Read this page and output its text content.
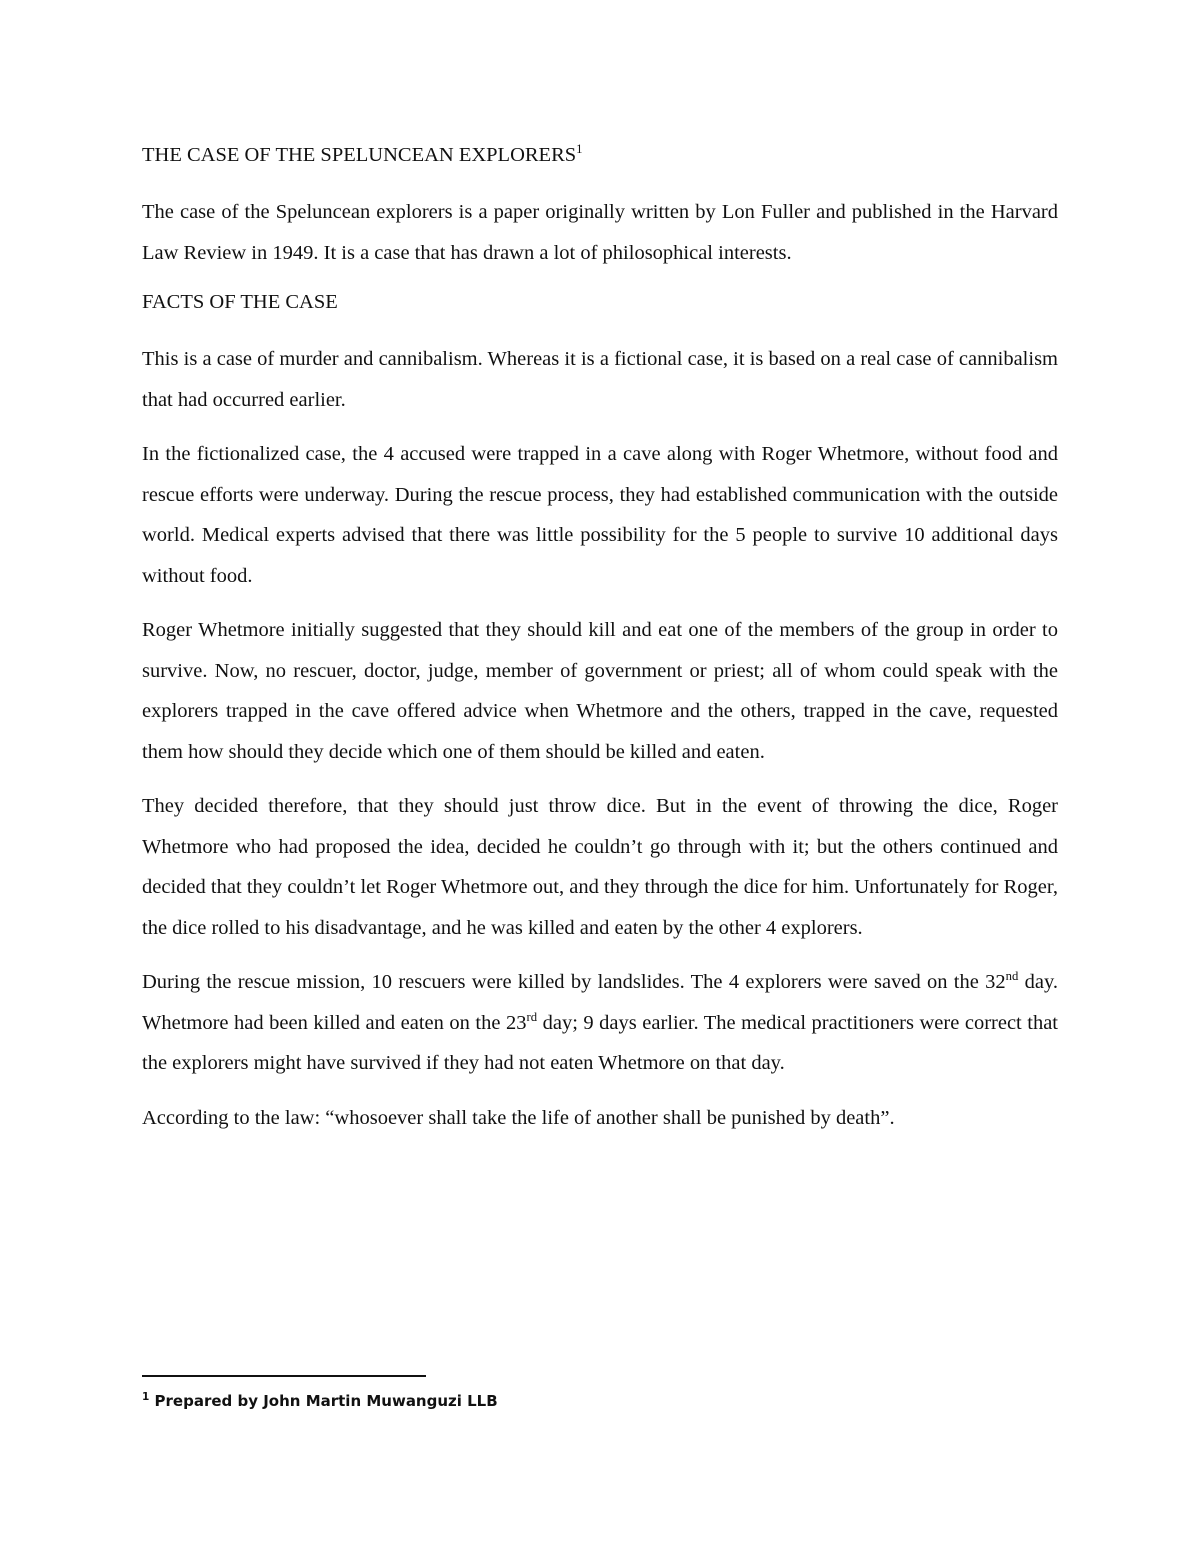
THE CASE OF THE SPELUNCEAN EXPLORERS$^1$

The case of the Speluncean explorers is a paper originally written by Lon Fuller and published in the Harvard Law Review in 1949. It is a case that has drawn a lot of philosophical interests.

FACTS OF THE CASE

This is a case of murder and cannibalism. Whereas it is a fictional case, it is based on a real case of cannibalism that had occurred earlier.

In the fictionalized case, the 4 accused were trapped in a cave along with Roger Whetmore, without food and rescue efforts were underway. During the rescue process, they had established communication with the outside world. Medical experts advised that there was little possibility for the 5 people to survive 10 additional days without food.

Roger Whetmore initially suggested that they should kill and eat one of the members of the group in order to survive. Now, no rescuer, doctor, judge, member of government or priest; all of whom could speak with the explorers trapped in the cave offered advice when Whetmore and the others, trapped in the cave, requested them how should they decide which one of them should be killed and eaten.

They decided therefore, that they should just throw dice. But in the event of throwing the dice, Roger Whetmore who had proposed the idea, decided he couldn’t go through with it; but the others continued and decided that they couldn’t let Roger Whetmore out, and they through the dice for him. Unfortunately for Roger, the dice rolled to his disadvantage, and he was killed and eaten by the other 4 explorers.

During the rescue mission, 10 rescuers were killed by landslides. The 4 explorers were saved on the 32nd day. Whetmore had been killed and eaten on the 23rd day; 9 days earlier. The medical practitioners were correct that the explorers might have survived if they had not eaten Whetmore on that day.

According to the law: “whosoever shall take the life of another shall be punished by death”.

$^1$ Prepared by John Martin Muwanguzi LLB
